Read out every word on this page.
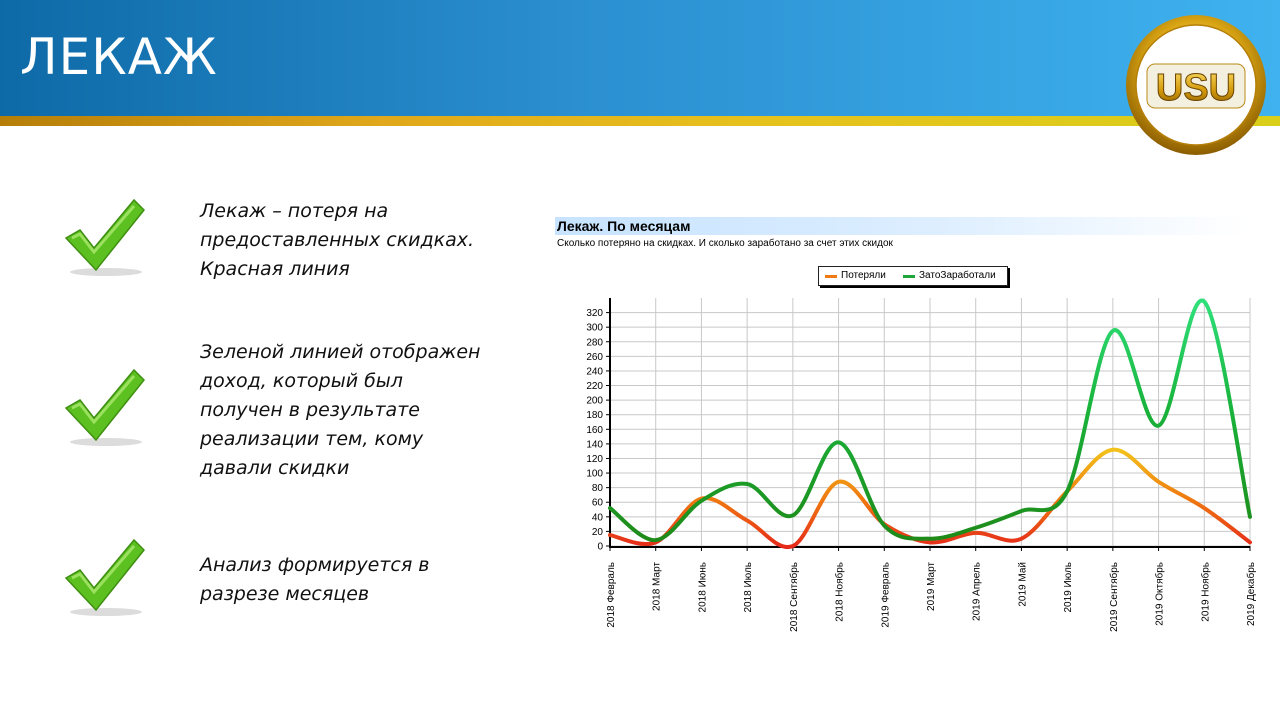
ЛЕКАЖ
USU
Лекаж – потеря на
предоставленных скидках.
Красная линия
Зеленой линией отображен
доход, который был
получен в результате
реализации тем, кому
давали скидки
Анализ формируется в
разрезе месяцев
Лекаж. По месяцам
Сколько потеряно на скидках. И сколько заработано за счет этих скидок
Потеряли	ЗатоЗаработали
0
20
40
60
80
100
120
140
160
180
200
220
240
260
280
300
320
2018 Февраль	2018 Март	2018 Июнь	2018 Июль	2018 Сентябрь	2018 Ноябрь	2019 Февраль	2019 Март	2019 Апрель	2019 Май	2019 Июль	2019 Сентябрь	2019 Октябрь	2019 Ноябрь	2019 Декабрь
